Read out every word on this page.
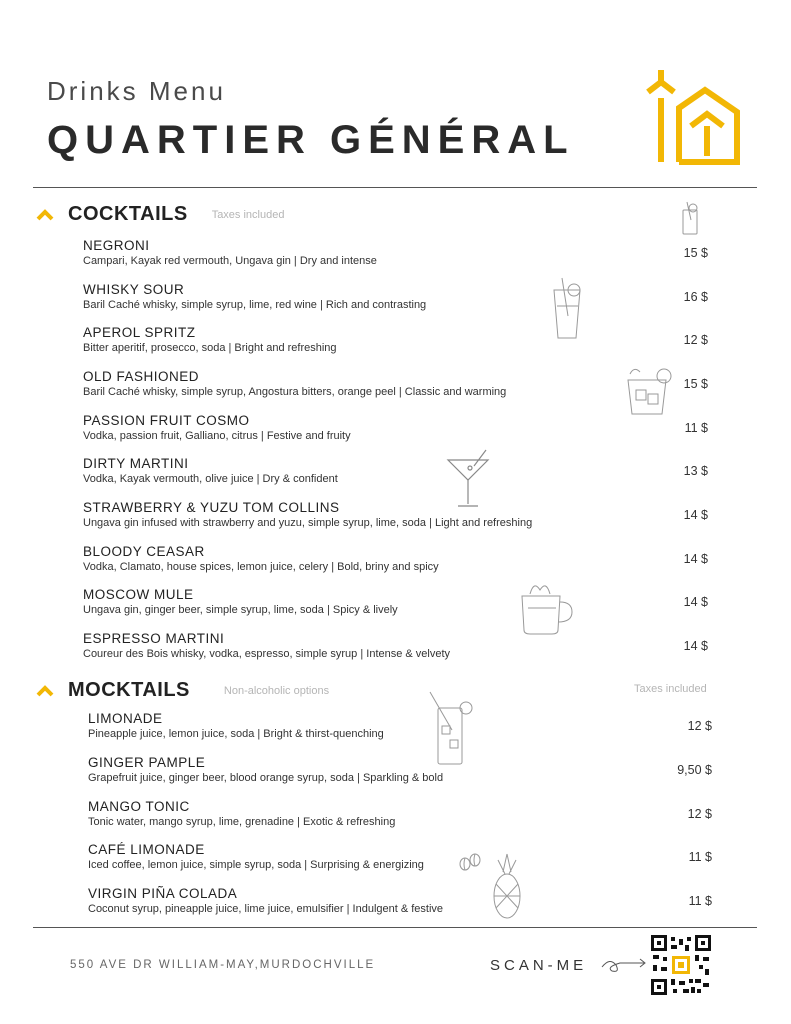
Drinks Menu
QUARTIER GÉNÉRAL
COCKTAILS Taxes included
NEGRONI
Campari, Kayak red vermouth, Ungava gin | Dry and intense
15 $
WHISKY SOUR
Baril Caché whisky, simple syrup, lime, red wine | Rich and contrasting
16 $
APEROL SPRITZ
Bitter aperitif, prosecco, soda | Bright and refreshing
12 $
OLD FASHIONED
Baril Caché whisky, simple syrup, Angostura bitters, orange peel | Classic and warming
15 $
PASSION FRUIT COSMO
Vodka, passion fruit, Galliano, citrus | Festive and fruity
11 $
DIRTY MARTINI
Vodka, Kayak vermouth, olive juice | Dry & confident
13 $
STRAWBERRY & YUZU TOM COLLINS
Ungava gin infused with strawberry and yuzu, simple syrup, lime, soda | Light and refreshing
14 $
BLOODY CEASAR
Vodka, Clamato, house spices, lemon juice, celery | Bold, briny and spicy
14 $
MOSCOW MULE
Ungava gin, ginger beer, simple syrup, lime, soda | Spicy & lively
14 $
ESPRESSO MARTINI
Coureur des Bois whisky, vodka, espresso, simple syrup | Intense & velvety
14 $
MOCKTAILS	Non-alcoholic options	Taxes included
LIMONADE
Pineapple juice, lemon juice, soda | Bright & thirst-quenching
12 $
GINGER PAMPLE
Grapefruit juice, ginger beer, blood orange syrup, soda | Sparkling & bold
9,50 $
MANGO TONIC
Tonic water, mango syrup, lime, grenadine | Exotic & refreshing
12 $
CAFÉ LIMONADE
Iced coffee, lemon juice, simple syrup, soda | Surprising & energizing
11 $
VIRGIN PIÑA COLADA
Coconut syrup, pineapple juice, lime juice, emulsifier | Indulgent & festive
11 $
550 AVE DR WILLIAM-MAY,MURDOCHVILLE	SCAN-ME
